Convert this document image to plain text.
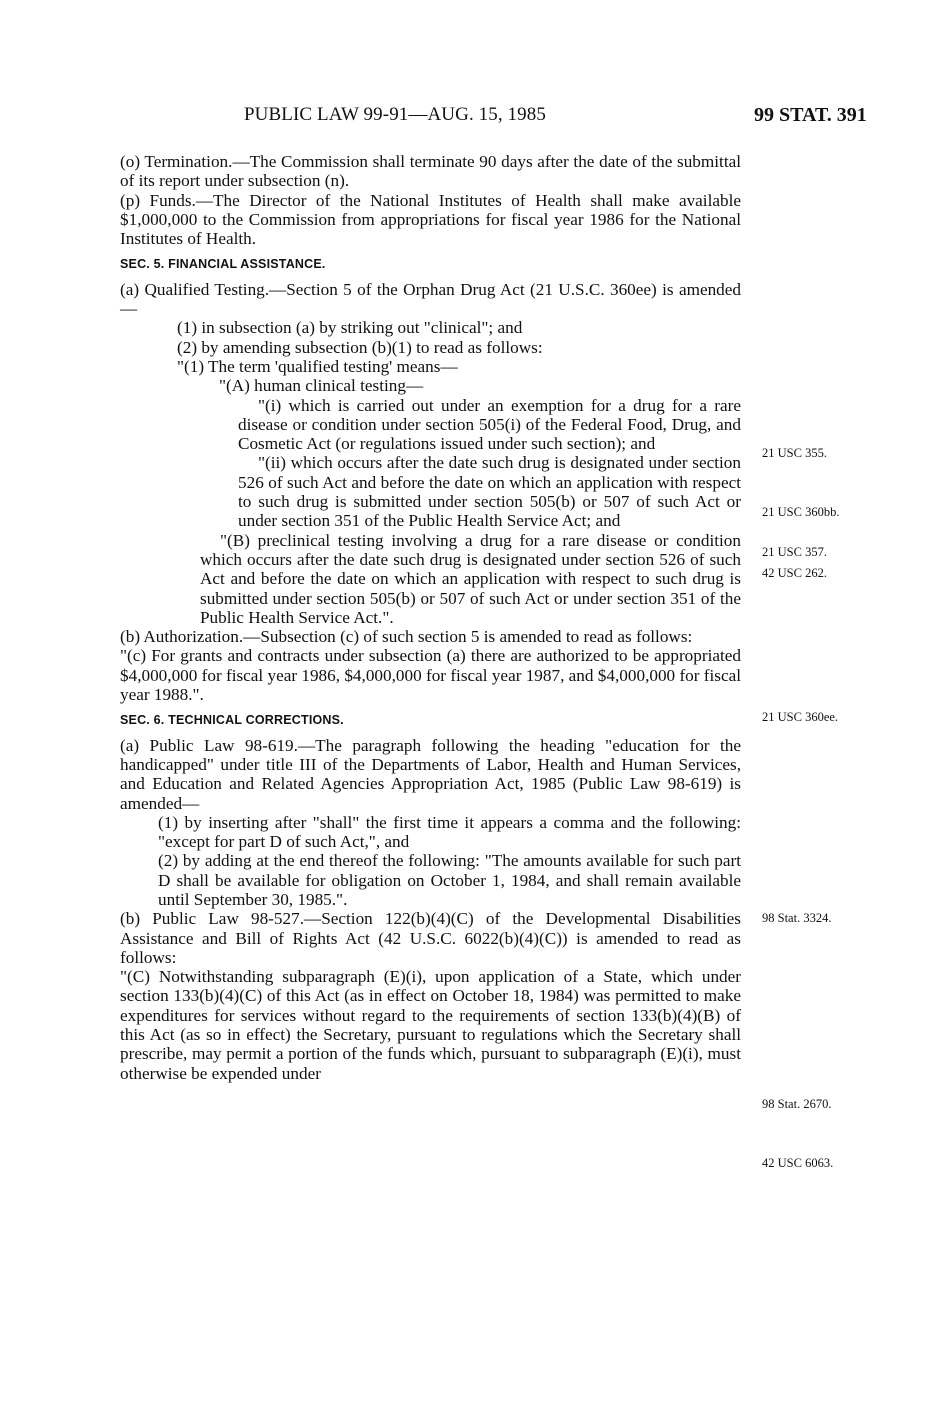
PUBLIC LAW 99-91—AUG. 15, 1985	99 STAT. 391

(o) Termination.—The Commission shall terminate 90 days after the date of the submittal of its report under subsection (n).

(p) Funds.—The Director of the National Institutes of Health shall make available $1,000,000 to the Commission from appropriations for fiscal year 1986 for the National Institutes of Health.

SEC. 5. FINANCIAL ASSISTANCE.

(a) Qualified Testing.—Section 5 of the Orphan Drug Act (21 U.S.C. 360ee) is amended—

(1) in subsection (a) by striking out "clinical"; and

(2) by amending subsection (b)(1) to read as follows:

"(1) The term 'qualified testing' means—

"(A) human clinical testing—

"(i) which is carried out under an exemption for a drug for a rare disease or condition under section 505(i) of the Federal Food, Drug, and Cosmetic Act (or regulations issued under such section); and

"(ii) which occurs after the date such drug is designated under section 526 of such Act and before the date on which an application with respect to such drug is submitted under section 505(b) or 507 of such Act or under section 351 of the Public Health Service Act; and

"(B) preclinical testing involving a drug for a rare disease or condition which occurs after the date such drug is designated under section 526 of such Act and before the date on which an application with respect to such drug is submitted under section 505(b) or 507 of such Act or under section 351 of the Public Health Service Act.".

(b) Authorization.—Subsection (c) of such section 5 is amended to read as follows:

"(c) For grants and contracts under subsection (a) there are authorized to be appropriated $4,000,000 for fiscal year 1986, $4,000,000 for fiscal year 1987, and $4,000,000 for fiscal year 1988.".

SEC. 6. TECHNICAL CORRECTIONS.

(a) Public Law 98-619.—The paragraph following the heading "education for the handicapped" under title III of the Departments of Labor, Health and Human Services, and Education and Related Agencies Appropriation Act, 1985 (Public Law 98-619) is amended—

(1) by inserting after "shall" the first time it appears a comma and the following: "except for part D of such Act,", and

(2) by adding at the end thereof the following: "The amounts available for such part D shall be available for obligation on October 1, 1984, and shall remain available until September 30, 1985.".

(b) Public Law 98-527.—Section 122(b)(4)(C) of the Developmental Disabilities Assistance and Bill of Rights Act (42 U.S.C. 6022(b)(4)(C)) is amended to read as follows:

"(C) Notwithstanding subparagraph (E)(i), upon application of a State, which under section 133(b)(4)(C) of this Act (as in effect on October 18, 1984) was permitted to make expenditures for services without regard to the requirements of section 133(b)(4)(B) of this Act (as so in effect) the Secretary, pursuant to regulations which the Secretary shall prescribe, may permit a portion of the funds which, pursuant to subparagraph (E)(i), must otherwise be expended under

21 USC 355.
21 USC 360bb.
21 USC 357.
42 USC 262.
21 USC 360ee.
98 Stat. 3324.
98 Stat. 2670.
42 USC 6063.
